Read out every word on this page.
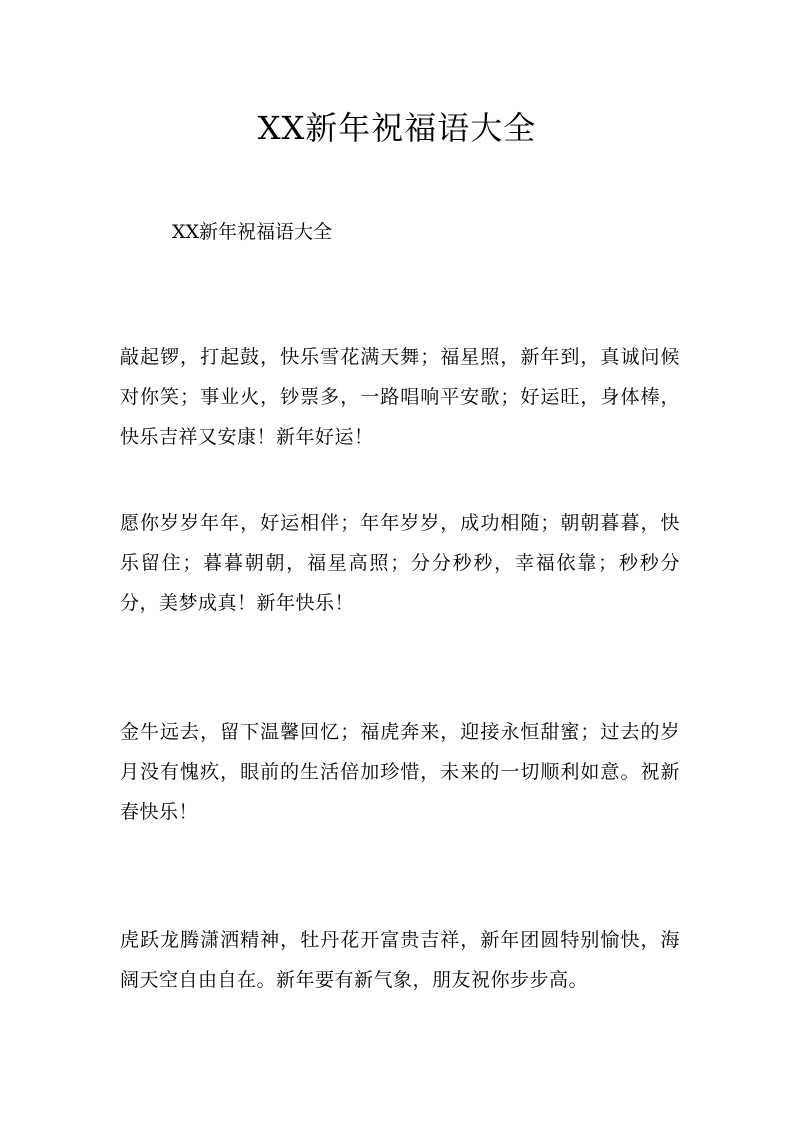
XX新年祝福语大全

XX新年祝福语大全

敲起锣，打起鼓，快乐雪花满天舞；福星照，新年到，真诚问候对你笑；事业火，钞票多，一路唱响平安歌；好运旺，身体棒，快乐吉祥又安康！新年好运！

愿你岁岁年年，好运相伴；年年岁岁，成功相随；朝朝暮暮，快乐留住；暮暮朝朝，福星高照；分分秒秒，幸福依靠；秒秒分分，美梦成真！新年快乐！

金牛远去，留下温馨回忆；福虎奔来，迎接永恒甜蜜；过去的岁月没有愧疚，眼前的生活倍加珍惜，未来的一切顺利如意。祝新春快乐！

虎跃龙腾潇洒精神，牡丹花开富贵吉祥，新年团圆特别愉快，海阔天空自由自在。新年要有新气象，朋友祝你步步高。
